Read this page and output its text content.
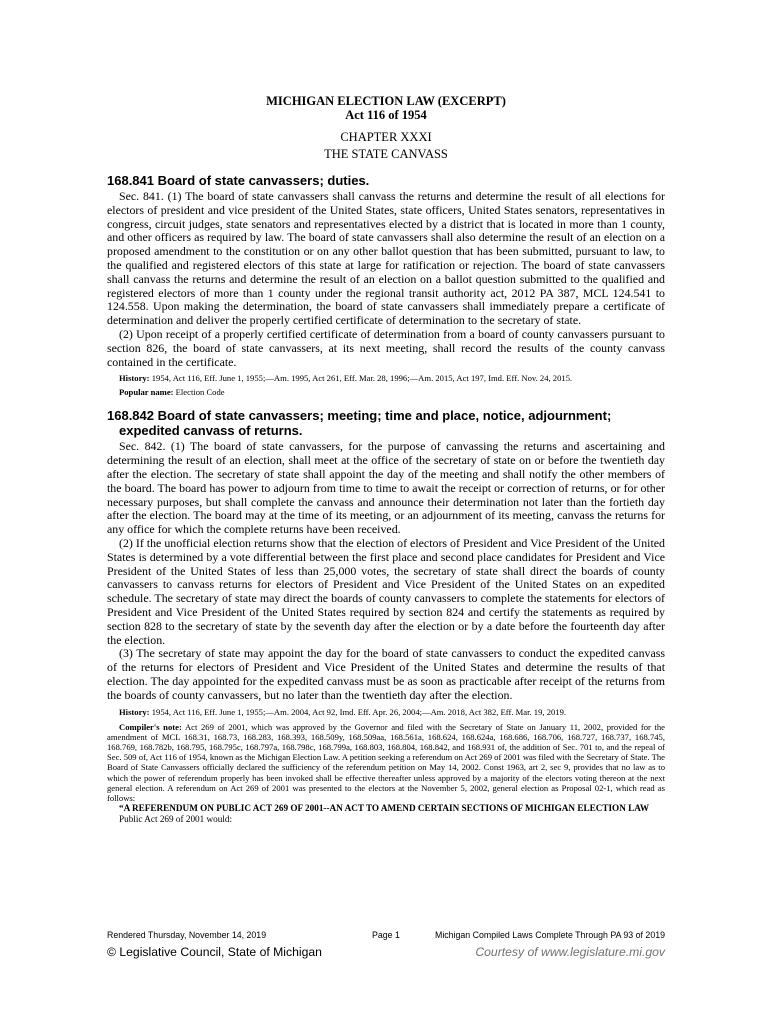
MICHIGAN ELECTION LAW (EXCERPT)
Act 116 of 1954
CHAPTER XXXI
THE STATE CANVASS
168.841 Board of state canvassers; duties.

Sec. 841. (1) The board of state canvassers shall canvass the returns and determine the result of all elections for electors of president and vice president of the United States, state officers, United States senators, representatives in congress, circuit judges, state senators and representatives elected by a district that is located in more than 1 county, and other officers as required by law. The board of state canvassers shall also determine the result of an election on a proposed amendment to the constitution or on any other ballot question that has been submitted, pursuant to law, to the qualified and registered electors of this state at large for ratification or rejection. The board of state canvassers shall canvass the returns and determine the result of an election on a ballot question submitted to the qualified and registered electors of more than 1 county under the regional transit authority act, 2012 PA 387, MCL 124.541 to 124.558. Upon making the determination, the board of state canvassers shall immediately prepare a certificate of determination and deliver the properly certified certificate of determination to the secretary of state.

(2) Upon receipt of a properly certified certificate of determination from a board of county canvassers pursuant to section 826, the board of state canvassers, at its next meeting, shall record the results of the county canvass contained in the certificate.

History: 1954, Act 116, Eff. June 1, 1955;—Am. 1995, Act 261, Eff. Mar. 28, 1996;—Am. 2015, Act 197, Imd. Eff. Nov. 24, 2015.

Popular name: Election Code

168.842 Board of state canvassers; meeting; time and place, notice, adjournment; expedited canvass of returns.

Sec. 842. (1) The board of state canvassers, for the purpose of canvassing the returns and ascertaining and determining the result of an election, shall meet at the office of the secretary of state on or before the twentieth day after the election. The secretary of state shall appoint the day of the meeting and shall notify the other members of the board. The board has power to adjourn from time to time to await the receipt or correction of returns, or for other necessary purposes, but shall complete the canvass and announce their determination not later than the fortieth day after the election. The board may at the time of its meeting, or an adjournment of its meeting, canvass the returns for any office for which the complete returns have been received.

(2) If the unofficial election returns show that the election of electors of President and Vice President of the United States is determined by a vote differential between the first place and second place candidates for President and Vice President of the United States of less than 25,000 votes, the secretary of state shall direct the boards of county canvassers to canvass returns for electors of President and Vice President of the United States on an expedited schedule. The secretary of state may direct the boards of county canvassers to complete the statements for electors of President and Vice President of the United States required by section 824 and certify the statements as required by section 828 to the secretary of state by the seventh day after the election or by a date before the fourteenth day after the election.

(3) The secretary of state may appoint the day for the board of state canvassers to conduct the expedited canvass of the returns for electors of President and Vice President of the United States and determine the results of that election. The day appointed for the expedited canvass must be as soon as practicable after receipt of the returns from the boards of county canvassers, but no later than the twentieth day after the election.

History: 1954, Act 116, Eff. June 1, 1955;—Am. 2004, Act 92, Imd. Eff. Apr. 26, 2004;—Am. 2018, Act 382, Eff. Mar. 19, 2019.

Compiler's note: Act 269 of 2001, which was approved by the Governor and filed with the Secretary of State on January 11, 2002, provided for the amendment of MCL 168.31, 168.73, 168.283, 168.393, 168.509y, 168.509aa, 168.561a, 168.624, 168.624a, 168.686, 168.706, 168.727, 168.737, 168.745, 168.769, 168.782b, 168.795, 168.795c, 168.797a, 168.798c, 168.799a, 168.803, 168.804, 168.842, and 168.931 of, the addition of Sec. 701 to, and the repeal of Sec. 509 of, Act 116 of 1954, known as the Michigan Election Law. A petition seeking a referendum on Act 269 of 2001 was filed with the Secretary of State. The Board of State Canvassers officially declared the sufficiency of the referendum petition on May 14, 2002. Const 1963, art 2, sec 9, provides that no law as to which the power of referendum properly has been invoked shall be effective thereafter unless approved by a majority of the electors voting thereon at the next general election. A referendum on Act 269 of 2001 was presented to the electors at the November 5, 2002, general election as Proposal 02-1, which read as follows:

“A REFERENDUM ON PUBLIC ACT 269 OF 2001--AN ACT TO AMEND CERTAIN SECTIONS OF MICHIGAN ELECTION LAW

Public Act 269 of 2001 would:

Rendered Thursday, November 14, 2019	Page 1	Michigan Compiled Laws Complete Through PA 93 of 2019
© Legislative Council, State of Michigan	Courtesy of www.legislature.mi.gov
